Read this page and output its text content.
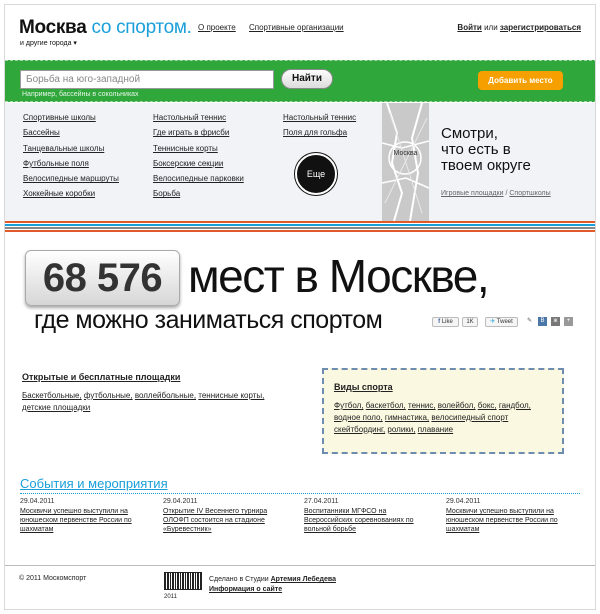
Москва со спортом.
и другие города ▾
О проекте Спортивные организации	Войти или зарегистрироваться
Борьба на юго-западной
Найти
Например, бассейны в сокольниках
Добавить место
Спортивные школы
Бассейны
Танцевальные школы
Футбольные поля
Велосипедные маршруты
Хоккейные коробки
Настольный теннис
Где играть в фрисби
Теннисные корты
Боксерские секции
Велосипедные парковки
Борьба
Настольный теннис
Поля для гольфа
Еще
Москва
Смотри,
что есть в
твоем округе
Игровые площадки / Спортшколы
68 576 мест в Москве,
где можно заниматься спортом	f Like	1K	✈ Tweet	✎	В	ж	+
Открытые и бесплатные площадки
Баскетбольные, футбольные, воллейбольные, теннисные корты, детские площадки
Виды спорта
Футбол, баскетбол, теннис, волейбол, бокс, гандбол, водное поло, гимнастика, велосипедный спорт скейтбординг, ролики, плавание
События и мероприятия
29.04.2011
Москвичи успешно выступили на юношеском первенстве России по шахматам
29.04.2011
Открытие IV Весеннего турнира ОЛОФП состоится на стадионе «Буревестник»
27.04.2011
Воспитанники МГФСО на Всероссийских соревнованиях по вольной борьбе
29.04.2011
Москвичи успешно выступили на юношеском первенстве России по шахматам
© 2011 Москомспорт
2011
Сделано в Студии Артемия Лебедева
Информация о сайте
